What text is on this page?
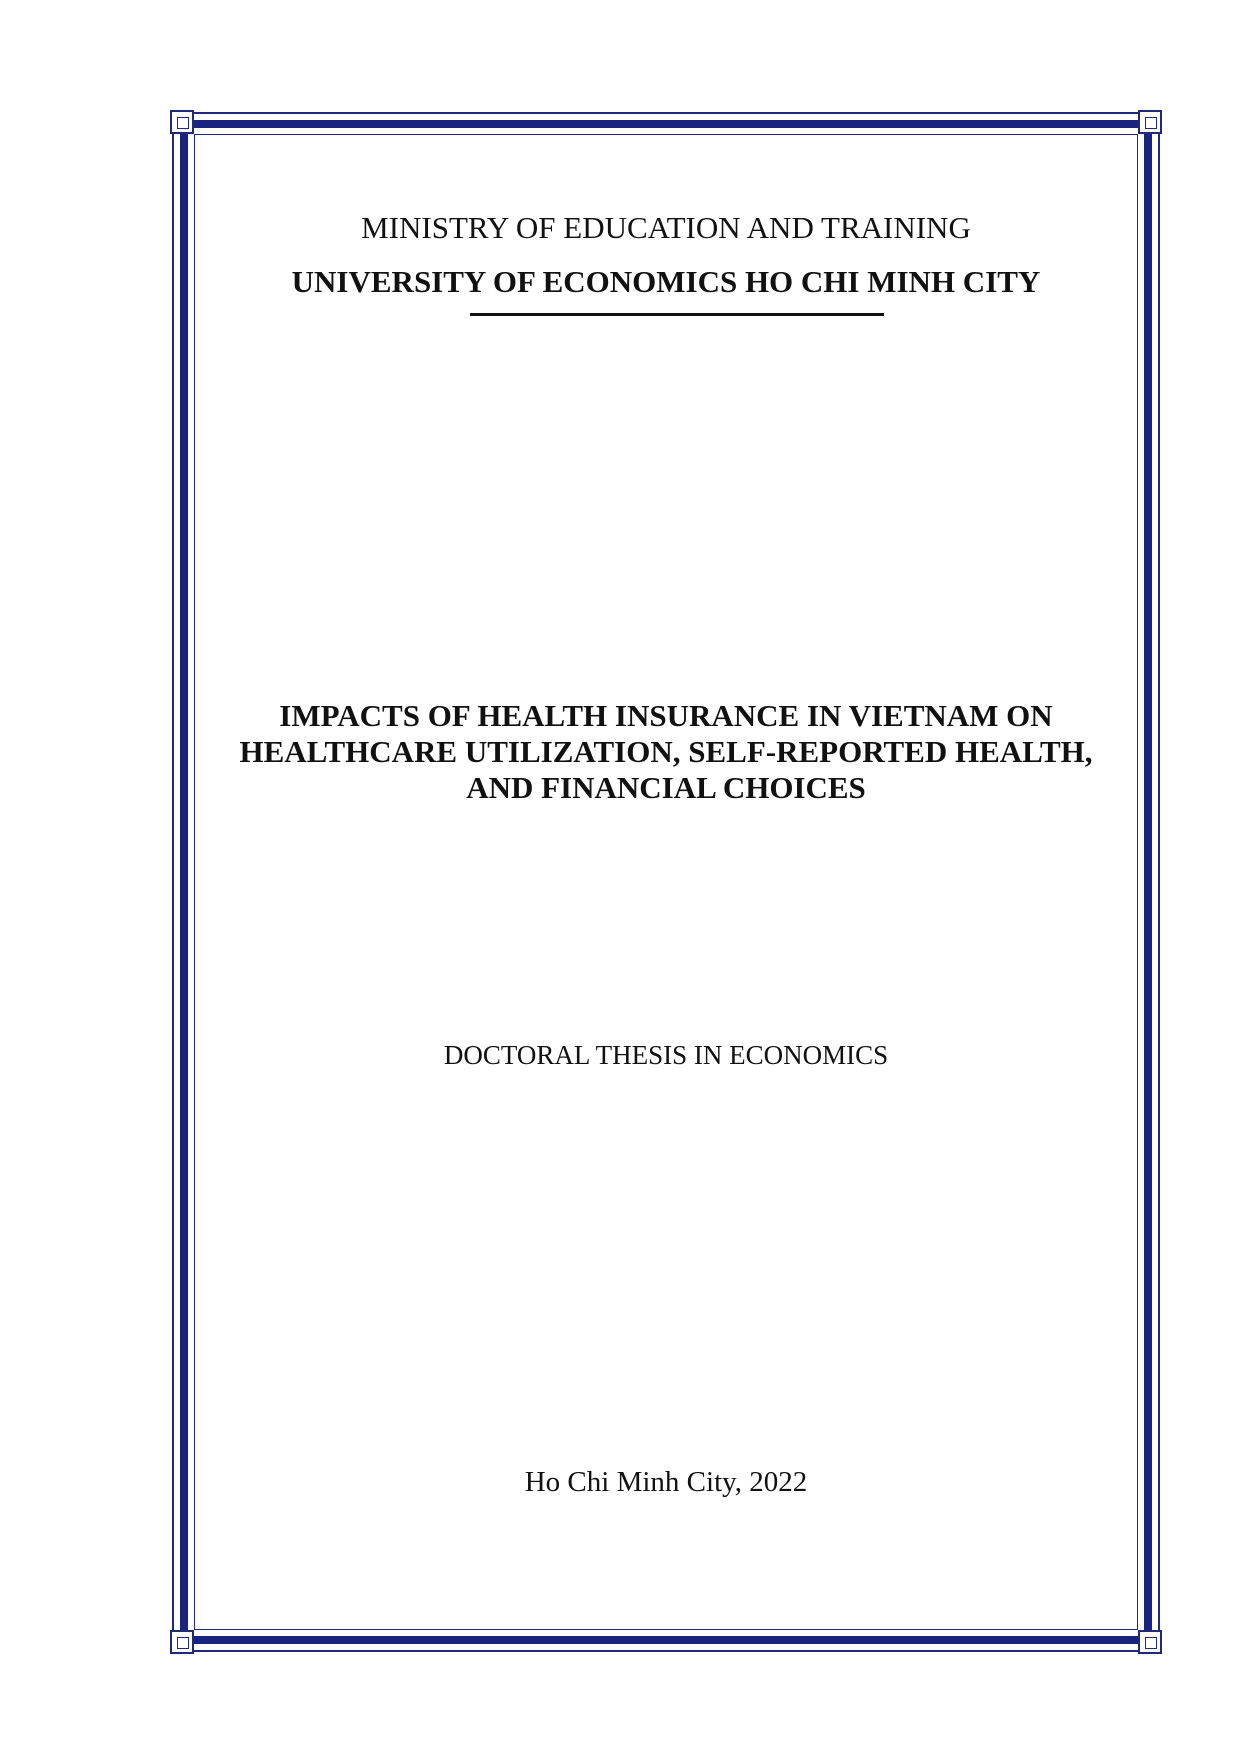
MINISTRY OF EDUCATION AND TRAINING
UNIVERSITY OF ECONOMICS HO CHI MINH CITY
IMPACTS OF HEALTH INSURANCE IN VIETNAM ON
HEALTHCARE UTILIZATION, SELF-REPORTED HEALTH,
AND FINANCIAL CHOICES
DOCTORAL THESIS IN ECONOMICS
Ho Chi Minh City, 2022
